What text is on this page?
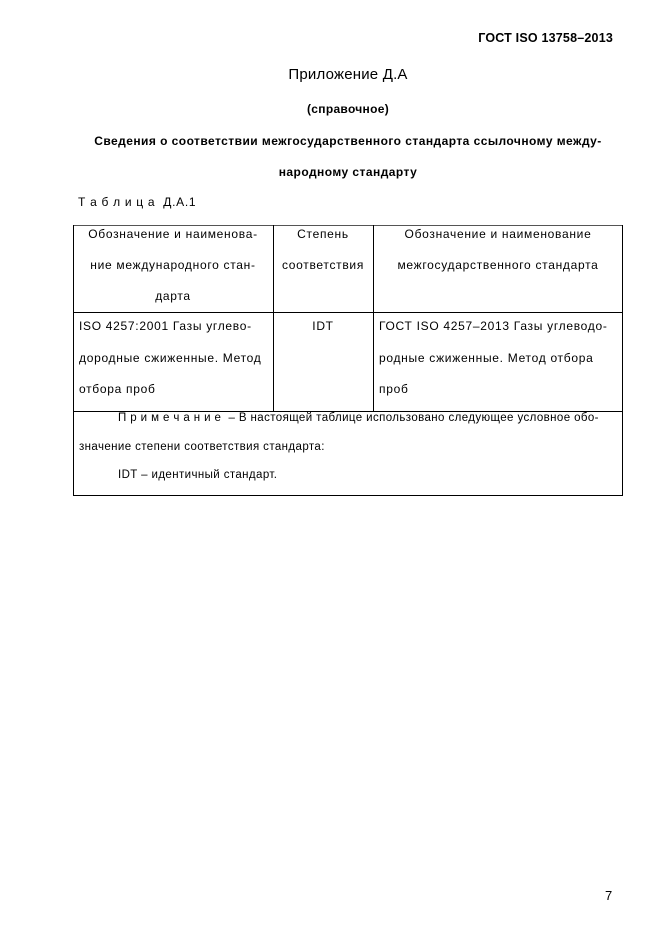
ГОСТ ISO 13758–2013
Приложение Д.А
(справочное)
Сведения о соответствии межгосударственного стандарта ссылочному между-
народному стандарту
Т а б л и ц а  Д.А.1
Обозначение и наименова-
ние международного стан-
дарта
Степень
соответствия
Обозначение и наименование
межгосударственного стандарта
ISO 4257:2001 Газы углево-
дородные сжиженные. Метод
отбора проб
IDT	ГОСТ ISO 4257–2013 Газы углеводо-
родные сжиженные. Метод отбора
проб
П р и м е ч а н и е  – В настоящей таблице использовано следующее условное обо-
значение степени соответствия стандарта:
IDT – идентичный стандарт.
7
